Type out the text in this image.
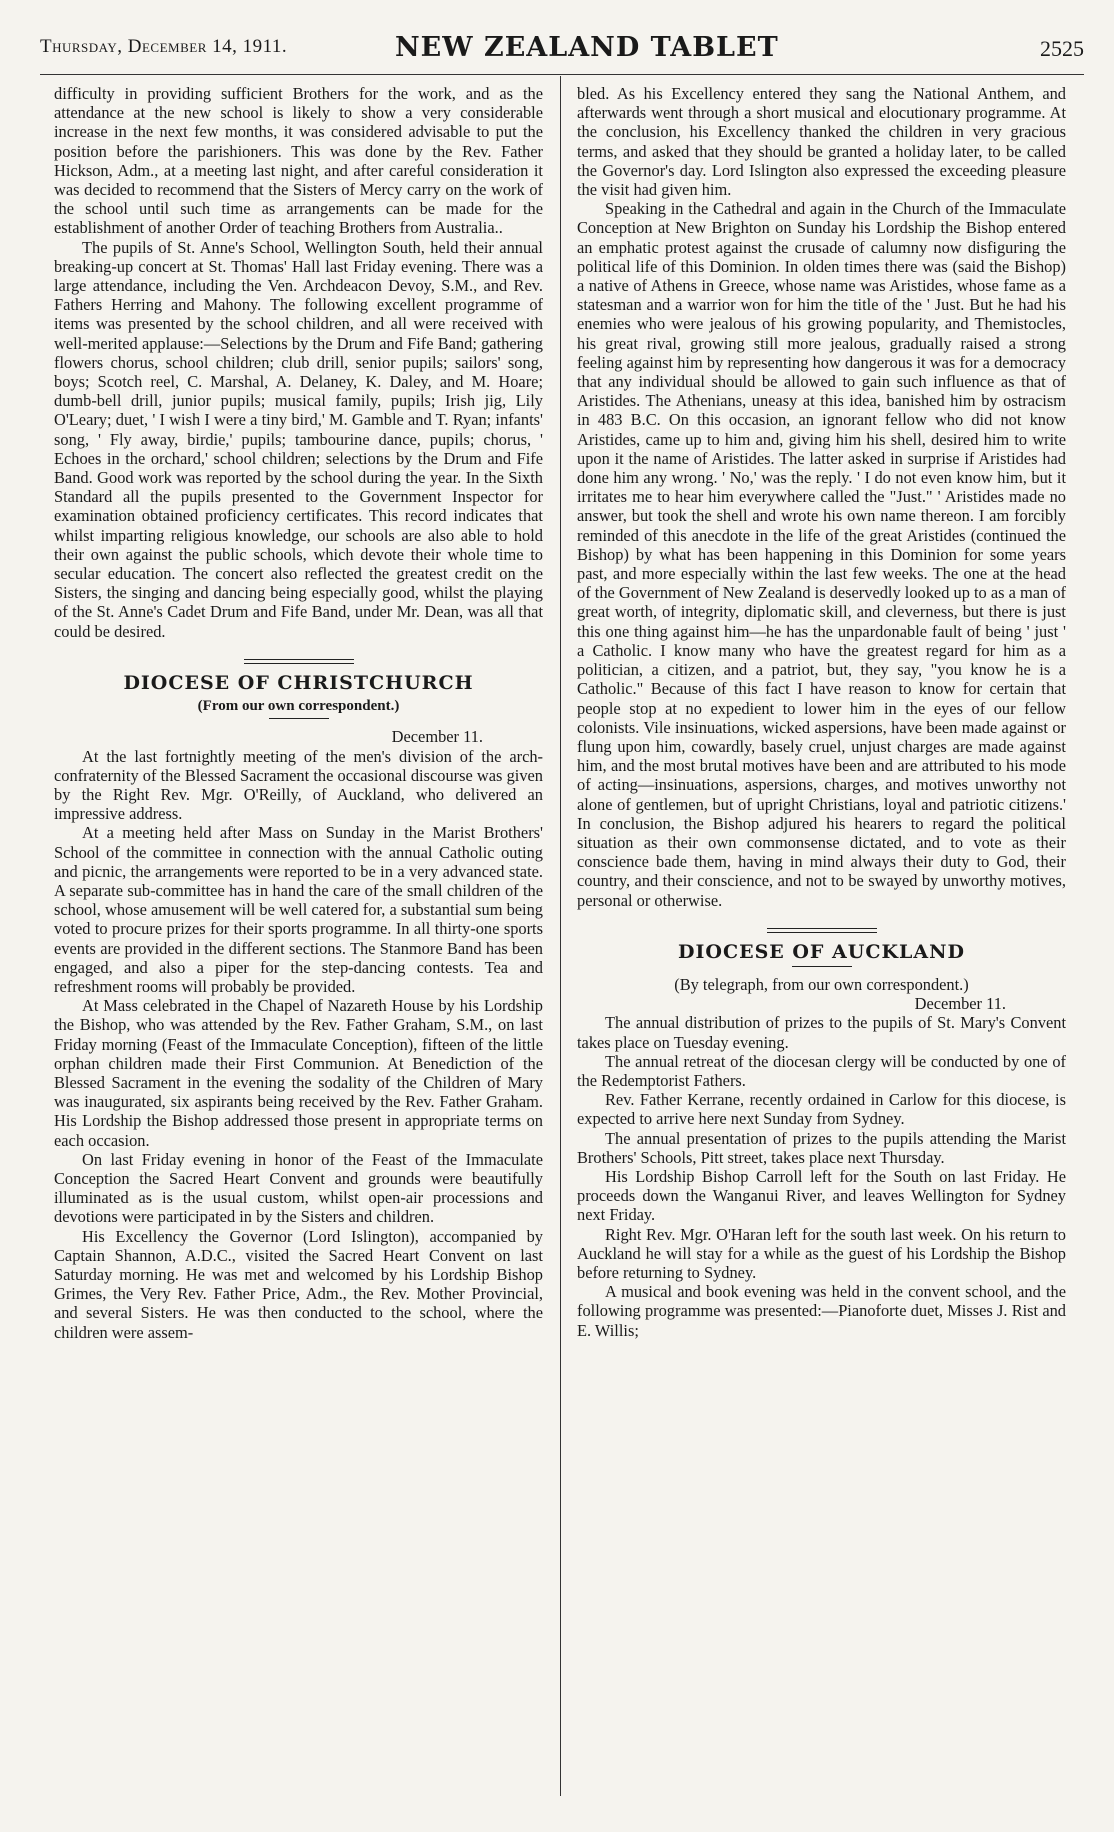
Thursday, December 14, 1911.	NEW ZEALAND TABLET	2525

difficulty in providing sufficient Brothers for the work, and as the attendance at the new school is likely to show a very considerable increase in the next few months, it was considered advisable to put the position before the parishioners. This was done by the Rev. Father Hickson, Adm., at a meeting last night, and after careful consideration it was decided to recommend that the Sisters of Mercy carry on the work of the school until such time as arrangements can be made for the establishment of another Order of teaching Brothers from Australia..

The pupils of St. Anne's School, Wellington South, held their annual breaking-up concert at St. Thomas' Hall last Friday evening. There was a large attendance, including the Ven. Archdeacon Devoy, S.M., and Rev. Fathers Herring and Mahony. The following excellent programme of items was presented by the school children, and all were received with well-merited applause:—Selections by the Drum and Fife Band; gathering flowers chorus, school children; club drill, senior pupils; sailors' song, boys; Scotch reel, C. Marshal, A. Delaney, K. Daley, and M. Hoare; dumb-bell drill, junior pupils; musical family, pupils; Irish jig, Lily O'Leary; duet, ' I wish I were a tiny bird,' M. Gamble and T. Ryan; infants' song, ' Fly away, birdie,' pupils; tambourine dance, pupils; chorus, ' Echoes in the orchard,' school children; selections by the Drum and Fife Band. Good work was reported by the school during the year. In the Sixth Standard all the pupils presented to the Government Inspector for examination obtained proficiency certificates. This record indicates that whilst imparting religious knowledge, our schools are also able to hold their own against the public schools, which devote their whole time to secular education. The concert also reflected the greatest credit on the Sisters, the singing and dancing being especially good, whilst the playing of the St. Anne's Cadet Drum and Fife Band, under Mr. Dean, was all that could be desired.

DIOCESE OF CHRISTCHURCH

(From our own correspondent.)

December 11.

At the last fortnightly meeting of the men's division of the arch-confraternity of the Blessed Sacrament the occasional discourse was given by the Right Rev. Mgr. O'Reilly, of Auckland, who delivered an impressive address.

At a meeting held after Mass on Sunday in the Marist Brothers' School of the committee in connection with the annual Catholic outing and picnic, the arrangements were reported to be in a very advanced state. A separate sub-committee has in hand the care of the small children of the school, whose amusement will be well catered for, a substantial sum being voted to procure prizes for their sports programme. In all thirty-one sports events are provided in the different sections. The Stanmore Band has been engaged, and also a piper for the step-dancing contests. Tea and refreshment rooms will probably be provided.

At Mass celebrated in the Chapel of Nazareth House by his Lordship the Bishop, who was attended by the Rev. Father Graham, S.M., on last Friday morning (Feast of the Immaculate Conception), fifteen of the little orphan children made their First Communion. At Benediction of the Blessed Sacrament in the evening the sodality of the Children of Mary was inaugurated, six aspirants being received by the Rev. Father Graham. His Lordship the Bishop addressed those present in appropriate terms on each occasion.

On last Friday evening in honor of the Feast of the Immaculate Conception the Sacred Heart Convent and grounds were beautifully illuminated as is the usual custom, whilst open-air processions and devotions were participated in by the Sisters and children.

His Excellency the Governor (Lord Islington), accompanied by Captain Shannon, A.D.C., visited the Sacred Heart Convent on last Saturday morning. He was met and welcomed by his Lordship Bishop Grimes, the Very Rev. Father Price, Adm., the Rev. Mother Provincial, and several Sisters. He was then conducted to the school, where the children were assem-

bled. As his Excellency entered they sang the National Anthem, and afterwards went through a short musical and elocutionary programme. At the conclusion, his Excellency thanked the children in very gracious terms, and asked that they should be granted a holiday later, to be called the Governor's day. Lord Islington also expressed the exceeding pleasure the visit had given him.

Speaking in the Cathedral and again in the Church of the Immaculate Conception at New Brighton on Sunday his Lordship the Bishop entered an emphatic protest against the crusade of calumny now disfiguring the political life of this Dominion. In olden times there was (said the Bishop) a native of Athens in Greece, whose name was Aristides, whose fame as a statesman and a warrior won for him the title of the ' Just. But he had his enemies who were jealous of his growing popularity, and Themistocles, his great rival, growing still more jealous, gradually raised a strong feeling against him by representing how dangerous it was for a democracy that any individual should be allowed to gain such influence as that of Aristides. The Athenians, uneasy at this idea, banished him by ostracism in 483 B.C. On this occasion, an ignorant fellow who did not know Aristides, came up to him and, giving him his shell, desired him to write upon it the name of Aristides. The latter asked in surprise if Aristides had done him any wrong. ' No,' was the reply. ' I do not even know him, but it irritates me to hear him everywhere called the "Just." ' Aristides made no answer, but took the shell and wrote his own name thereon. I am forcibly reminded of this anecdote in the life of the great Aristides (continued the Bishop) by what has been happening in this Dominion for some years past, and more especially within the last few weeks. The one at the head of the Government of New Zealand is deservedly looked up to as a man of great worth, of integrity, diplomatic skill, and cleverness, but there is just this one thing against him—he has the unpardonable fault of being ' just ' a Catholic. I know many who have the greatest regard for him as a politician, a citizen, and a patriot, but, they say, "you know he is a Catholic." Because of this fact I have reason to know for certain that people stop at no expedient to lower him in the eyes of our fellow colonists. Vile insinuations, wicked aspersions, have been made against or flung upon him, cowardly, basely cruel, unjust charges are made against him, and the most brutal motives have been and are attributed to his mode of acting—insinuations, aspersions, charges, and motives unworthy not alone of gentlemen, but of upright Christians, loyal and patriotic citizens.' In conclusion, the Bishop adjured his hearers to regard the political situation as their own commonsense dictated, and to vote as their conscience bade them, having in mind always their duty to God, their country, and their conscience, and not to be swayed by unworthy motives, personal or otherwise.

DIOCESE OF AUCKLAND

(By telegraph, from our own correspondent.)

December 11.

The annual distribution of prizes to the pupils of St. Mary's Convent takes place on Tuesday evening.

The annual retreat of the diocesan clergy will be conducted by one of the Redemptorist Fathers.

Rev. Father Kerrane, recently ordained in Carlow for this diocese, is expected to arrive here next Sunday from Sydney.

The annual presentation of prizes to the pupils attending the Marist Brothers' Schools, Pitt street, takes place next Thursday.

His Lordship Bishop Carroll left for the South on last Friday. He proceeds down the Wanganui River, and leaves Wellington for Sydney next Friday.

Right Rev. Mgr. O'Haran left for the south last week. On his return to Auckland he will stay for a while as the guest of his Lordship the Bishop before returning to Sydney.

A musical and book evening was held in the convent school, and the following programme was presented:—Pianoforte duet, Misses J. Rist and E. Willis;
